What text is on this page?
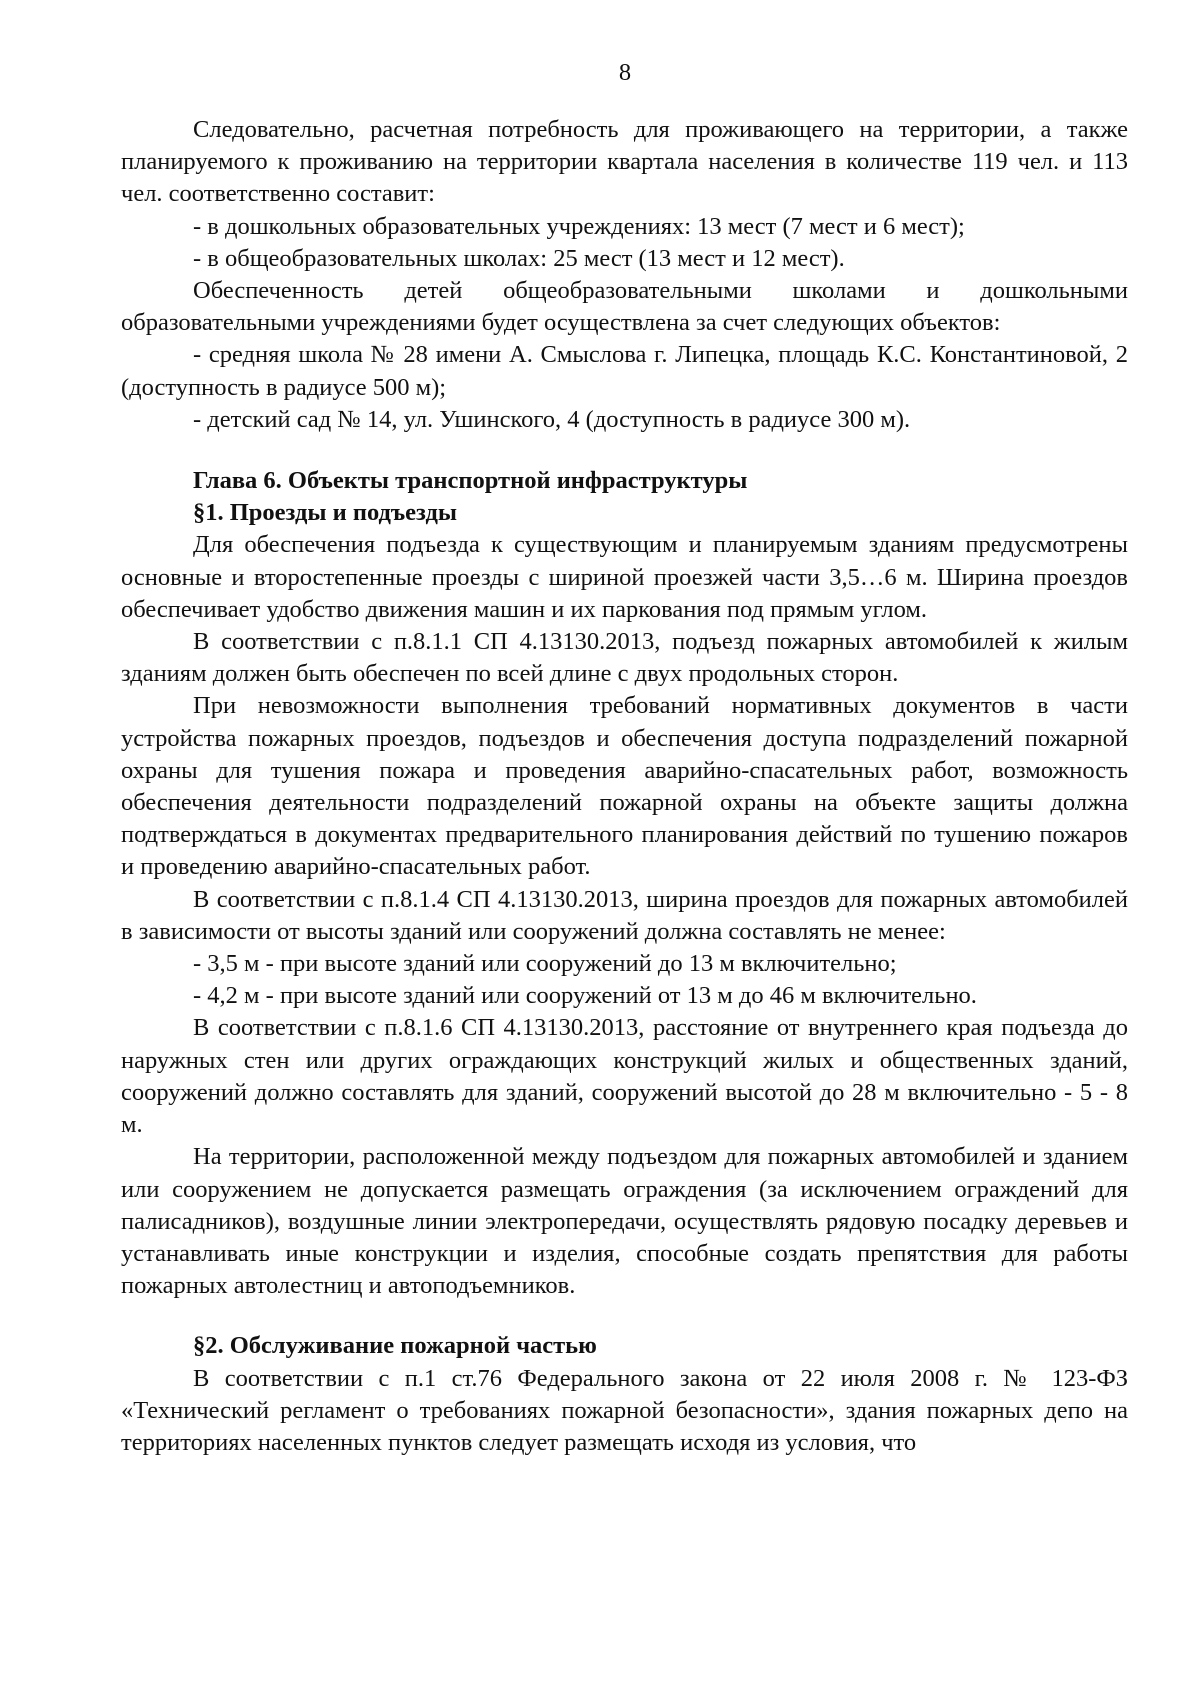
8

Следовательно, расчетная потребность для проживающего на территории, а также планируемого к проживанию на территории квартала населения в количестве 119 чел. и 113 чел. соответственно составит:

- в дошкольных образовательных учреждениях: 13 мест (7 мест и 6 мест);

- в общеобразовательных школах: 25 мест (13 мест и 12 мест).

Обеспеченность детей общеобразовательными школами и дошкольными образовательными учреждениями будет осуществлена за счет следующих объектов:

- средняя школа № 28 имени А. Смыслова г. Липецка, площадь К.С. Константиновой, 2 (доступность в радиусе 500 м);

- детский сад № 14, ул. Ушинского, 4 (доступность в радиусе 300 м).

Глава 6. Объекты транспортной инфраструктуры

§1. Проезды и подъезды

Для обеспечения подъезда к существующим и планируемым зданиям предусмотрены основные и второстепенные проезды с шириной проезжей части 3,5…6 м. Ширина проездов обеспечивает удобство движения машин и их паркования под прямым углом.

В соответствии с п.8.1.1 СП 4.13130.2013, подъезд пожарных автомобилей к жилым зданиям должен быть обеспечен по всей длине с двух продольных сторон.

При невозможности выполнения требований нормативных документов в части устройства пожарных проездов, подъездов и обеспечения доступа подразделений пожарной охраны для тушения пожара и проведения аварийно-спасательных работ, возможность обеспечения деятельности подразделений пожарной охраны на объекте защиты должна подтверждаться в документах предварительного планирования действий по тушению пожаров и проведению аварийно-спасательных работ.

В соответствии с п.8.1.4 СП 4.13130.2013, ширина проездов для пожарных автомобилей в зависимости от высоты зданий или сооружений должна составлять не менее:

- 3,5 м - при высоте зданий или сооружений до 13 м включительно;

- 4,2 м - при высоте зданий или сооружений от 13 м до 46 м включительно.

В соответствии с п.8.1.6 СП 4.13130.2013, расстояние от внутреннего края подъезда до наружных стен или других ограждающих конструкций жилых и общественных зданий, сооружений должно составлять для зданий, сооружений высотой до 28 м включительно - 5 - 8 м.

На территории, расположенной между подъездом для пожарных автомобилей и зданием или сооружением не допускается размещать ограждения (за исключением ограждений для палисадников), воздушные линии электропередачи, осуществлять рядовую посадку деревьев и устанавливать иные конструкции и изделия, способные создать препятствия для работы пожарных автолестниц и автоподъемников.

§2. Обслуживание пожарной частью

В соответствии с п.1 ст.76 Федерального закона от 22 июля 2008 г. № 123-ФЗ «Технический регламент о требованиях пожарной безопасности», здания пожарных депо на территориях населенных пунктов следует размещать исходя из условия, что
